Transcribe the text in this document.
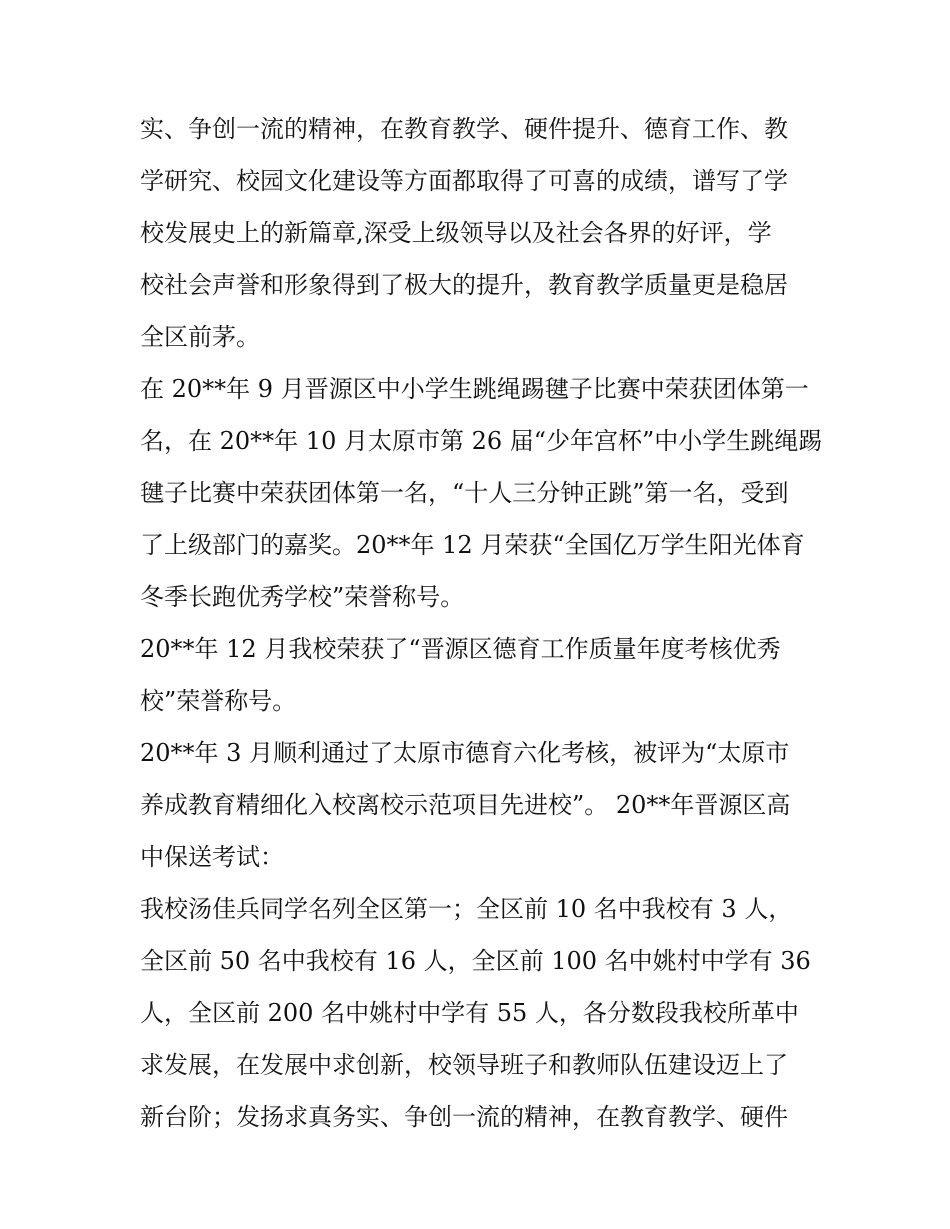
实、争创一流的精神，在教育教学、硬件提升、德育工作、教
学研究、校园文化建设等方面都取得了可喜的成绩，谱写了学
校发展史上的新篇章,深受上级领导以及社会各界的好评，学
校社会声誉和形象得到了极大的提升，教育教学质量更是稳居
全区前茅。
在 20**年 9 月晋源区中小学生跳绳踢毽子比赛中荣获团体第一
名，在 20**年 10 月太原市第 26 届“少年宫杯”中小学生跳绳踢
毽子比赛中荣获团体第一名，“十人三分钟正跳”第一名，受到
了上级部门的嘉奖。20**年 12 月荣获“全国亿万学生阳光体育
冬季长跑优秀学校”荣誉称号。
20**年 12 月我校荣获了“晋源区德育工作质量年度考核优秀
校”荣誉称号。
20**年 3 月顺利通过了太原市德育六化考核，被评为“太原市
养成教育精细化入校离校示范项目先进校”。 20**年晋源区高
中保送考试：
我校汤佳兵同学名列全区第一；全区前 10 名中我校有 3 人，
全区前 50 名中我校有 16 人，全区前 100 名中姚村中学有 36
人，全区前 200 名中姚村中学有 55 人，各分数段我校所革中
求发展，在发展中求创新，校领导班子和教师队伍建设迈上了
新台阶；发扬求真务实、争创一流的精神，在教育教学、硬件
